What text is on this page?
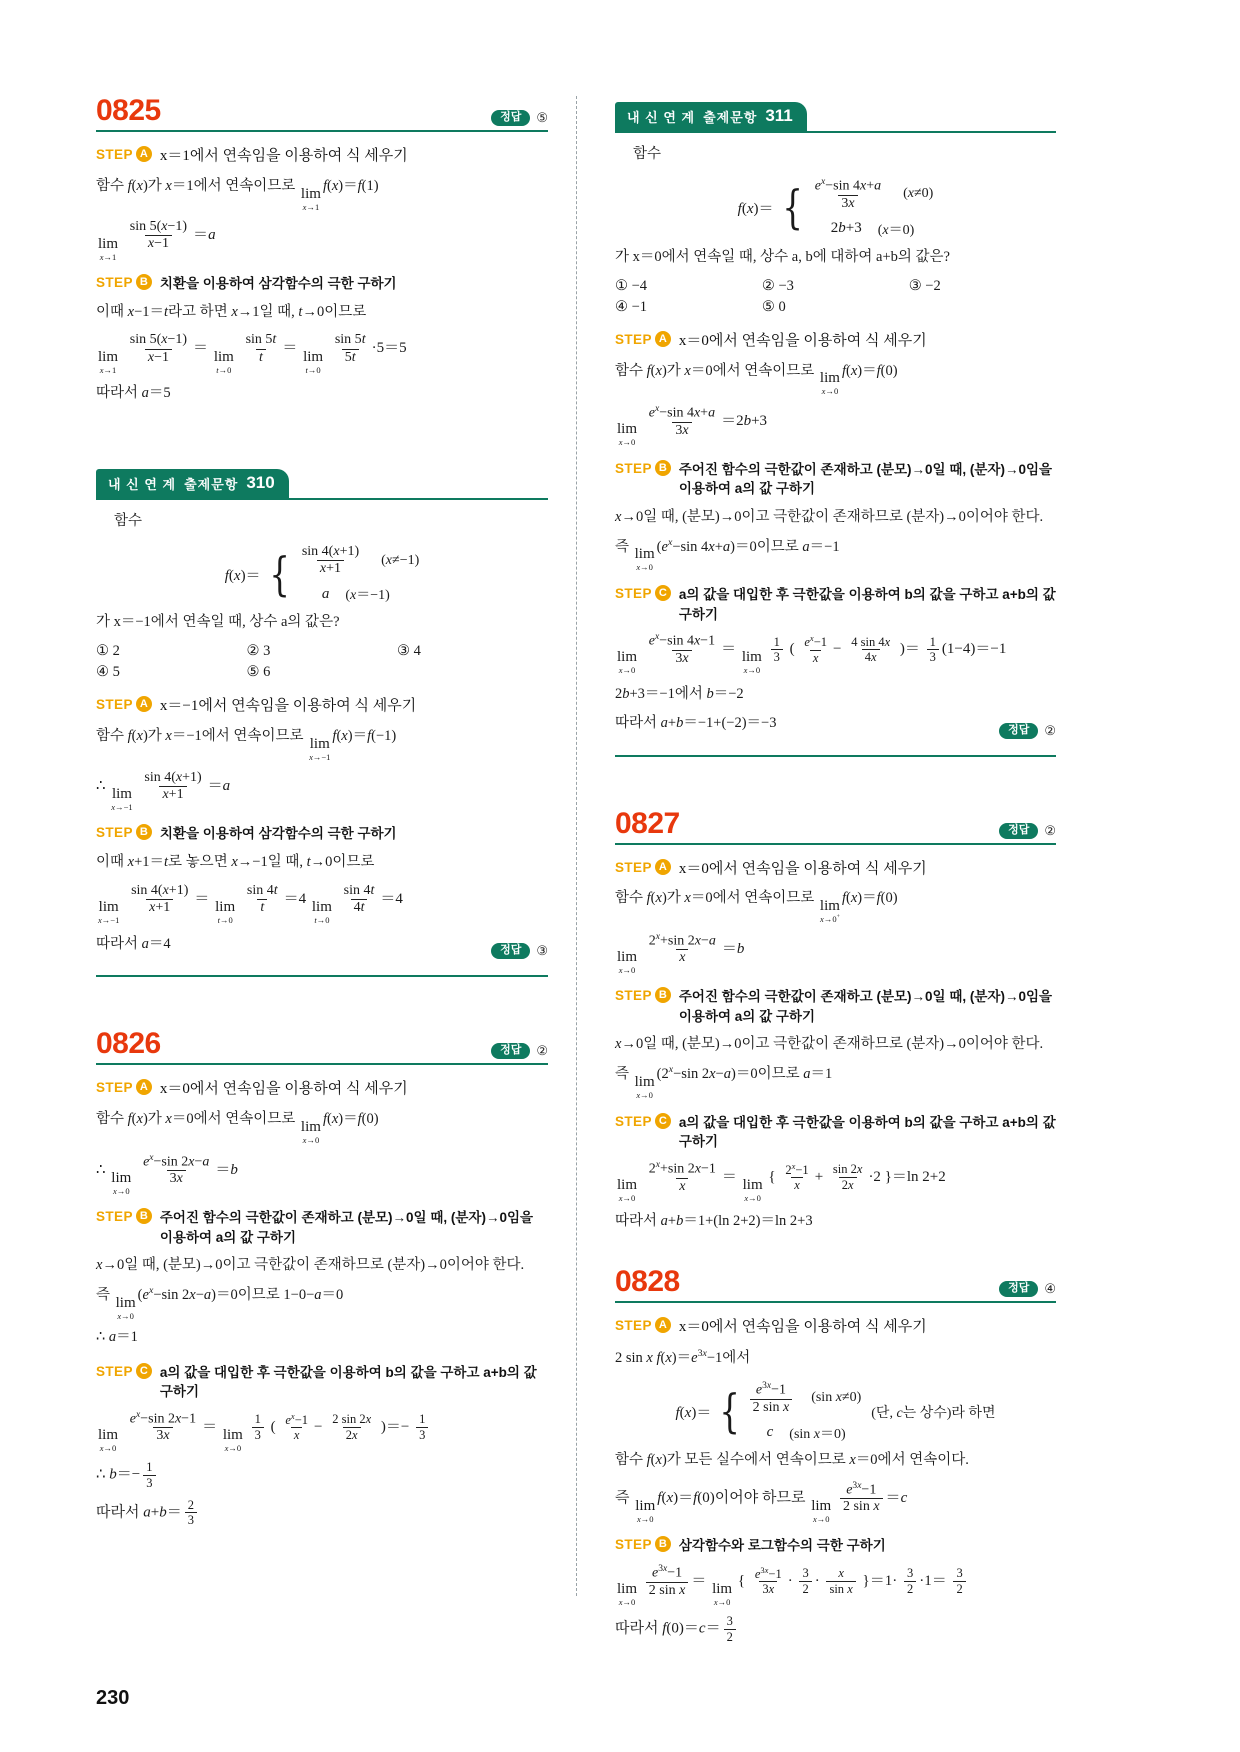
0825	정답	⑤
STEP A x＝1에서 연속임을 이용하여 식 세우기
함수 f(x)가 x＝1에서 연속이므로 lim
x→1
f(x)＝f(1)
lim
x→1

$\frac{\sin 5(x-1)}{x-1} =a$
STEP B 치환을 이용하여 삼각함수의 극한 구하기
이때 x−1＝t라고 하면 x→1일 때, t→0이므로
lim
x→1

$\frac{\sin 5(x-1)}{x-1}$ ＝
lim
t→0

$\frac{\sin 5t}{t}$ ＝
lim
t→0

$\frac{\sin 5t}{5t} \cdot 5=5$
따라서 a＝5
내 신 연 계 출제문항 310
함수
f(x)＝ { $\frac{\sin 4(x+1)}{x+1} (x\ne-1)$
a (x＝−1)
가 x＝−1에서 연속일 때, 상수 a의 값은?
① 2	② 3	③ 4
④ 5	⑤ 6
STEP A x＝−1에서 연속임을 이용하여 식 세우기
함수 f(x)가 x＝−1에서 연속이므로 lim
x→−1
f(x)＝f(−1)
∴
lim
x→−1

$\frac{\sin 4(x+1)}{x+1} =a$
STEP B 치환을 이용하여 삼각함수의 극한 구하기
이때 x+1＝t로 놓으면 x→−1일 때, t→0이므로
lim
x→−1

$\frac{\sin 4(x+1)}{x+1}$ ＝
lim
t→0

$\frac{\sin 4t}{t} =4$
lim
t→0

$\frac{\sin 4t}{4t} =4$
따라서 a＝4	정답	③
0826	정답	②
STEP A x＝0에서 연속임을 이용하여 식 세우기
함수 f(x)가 x＝0에서 연속이므로 lim
x→0
f(x)＝f(0)
∴
lim
x→0

$\frac{e^x-\sin 2x-a}{3x} =b$
STEP B 주어진 함수의 극한값이 존재하고 (분모)→0일 때, (분자)→0임을 이용하여 a의 값 구하기
x→0일 때, (분모)→0이고 극한값이 존재하므로 (분자)→0이어야 한다.
즉 lim
x→0
($e^x-\sin$ 2x−a)＝0이므로 1−0−a＝0
∴ a＝1
STEP C a의 값을 대입한 후 극한값을 이용하여 b의 값을 구하고 a+b의 값 구하기
lim
x→0

$\frac{e^x-\sin 2x-1}{3x}$ ＝
lim
x→0

$\frac{1}{3}$ ( $\frac{e^x-1}{x} - \frac{2 \sin 2x}{2x}$ )＝− $\frac{1}{3}$
∴ $b=- \frac{1}{3}$
따라서 $a+b= \frac{2}{3}$
내 신 연 계 출제문항 311
함수
f(x)＝ { $\frac{e^x-\sin 4x+a}{3x} (x\ne 0)$
2b+3 (x＝0)
가 x＝0에서 연속일 때, 상수 a, b에 대하여 a+b의 값은?
① −4	② −3	③ −2
④ −1	⑤ 0
STEP A x＝0에서 연속임을 이용하여 식 세우기
함수 f(x)가 x＝0에서 연속이므로 lim
x→0
f(x)＝f(0)
lim
x→0

$\frac{e^x-\sin 4x+a}{3x} =2b+3$
STEP B 주어진 함수의 극한값이 존재하고 (분모)→0일 때, (분자)→0임을 이용하여 a의 값 구하기
x→0일 때, (분모)→0이고 극한값이 존재하므로 (분자)→0이어야 한다.
즉 lim
x→0
($e^x-\sin$ 4x+a)＝0이므로 a＝−1
STEP C a의 값을 대입한 후 극한값을 이용하여 b의 값을 구하고 a+b의 값 구하기
lim
x→0

$\frac{e^x-\sin 4x-1}{3x}$ ＝
lim
x→0

$\frac{1}{3}$ ( $\frac{e^x-1}{x} - \frac{4 \sin 4x}{4x}$ )＝ $\frac{1}{3} (1-4)=-1$
2b+3＝−1에서 b＝−2
따라서 a+b＝−1+(−2)＝−3	정답	②
0827	정답	②
STEP A x＝0에서 연속임을 이용하여 식 세우기
함수 f(x)가 x＝0에서 연속이므로 lim
x→0+
f(x)＝f(0)
lim
x→0

$\frac{2^x+\sin 2x-a}{x} =b$
STEP B 주어진 함수의 극한값이 존재하고 (분모)→0일 때, (분자)→0임을 이용하여 a의 값 구하기
x→0일 때, (분모)→0이고 극한값이 존재하므로 (분자)→0이어야 한다.
즉 lim
x→0
($2^x-\sin$ 2x−a)＝0이므로 a＝1
STEP C a의 값을 대입한 후 극한값을 이용하여 b의 값을 구하고 a+b의 값 구하기
lim
x→0

$\frac{2^x+\sin 2x-1}{x}$ ＝
lim
x→0
{ $\frac{2^x-1}{x} + \frac{\sin 2x}{2x} \cdot 2$ }＝ln 2+2
따라서 a+b＝1+(ln 2+2)＝ln 2+3
0828	정답	④
STEP A x＝0에서 연속임을 이용하여 식 세우기
2 sin x $f(x)=e^{3x}-1$에서
f(x)＝ { $\frac{e^{3x}-1}{\text{2 sin x}} (\sin$ x≠0)
c (sin x＝0)
(단, c는 상수)라 하면
함수 f(x)가 모든 실수에서 연속이므로 x＝0에서 연속이다.
즉
lim
x→0
f(x)＝f(0)이어야 하므로
lim
x→0

$\frac{e^{3x}-1}{\text{2 sin x}} =c$
STEP B 삼각함수와 로그함수의 극한 구하기
lim
x→0

$\frac{e^{3x}-1}{\text{2 sin x}}$ ＝
lim
x→0
{ $\frac{e^{3x}-1}{3x} \cdot \frac{3}{2} \cdot \frac{x}{\text{sin x}} \}=1\cdot \frac{3}{2} \cdot 1= \frac{3}{2}$
따라서 $f(0)=c= \frac{3}{2}$
230
